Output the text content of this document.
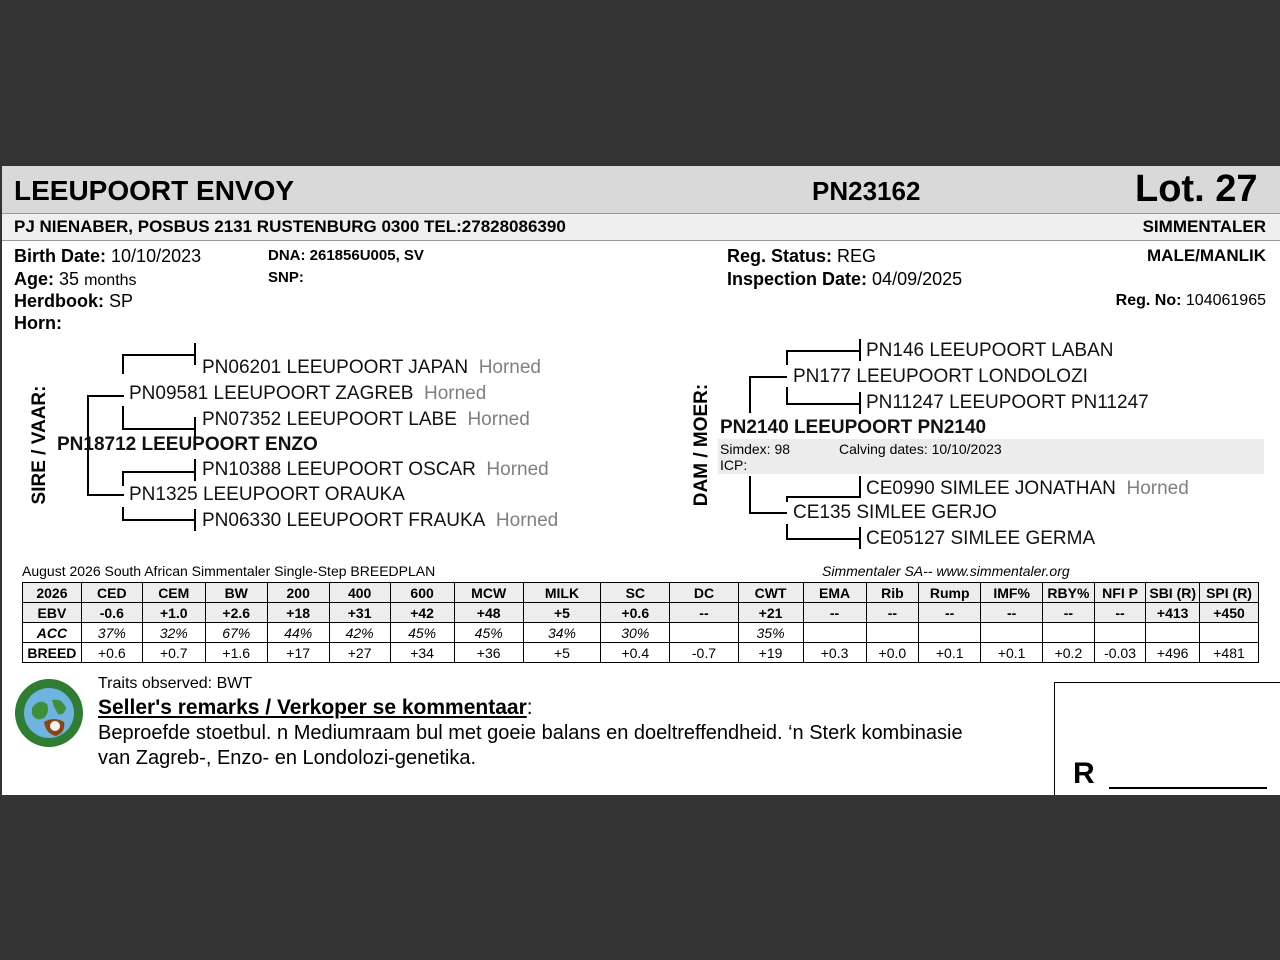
LEEUPOORT ENVOY	PN23162	Lot. 27
PJ NIENABER, POSBUS 2131 RUSTENBURG 0300 TEL:27828086390	SIMMENTALER
Birth Date: 10/10/2023
Age: 35 months
Herdbook: SP
Horn:
DNA: 261856U005, SV
SNP:
Reg. Status: REG
Inspection Date: 04/09/2025
MALE/MANLIK
Reg. No: 104061965
SIRE / VAAR:
PN06201 LEEUPOORT JAPAN Horned
PN09581 LEEUPOORT ZAGREB Horned
PN07352 LEEUPOORT LABE Horned
PN18712 LEEUPOORT ENZO
PN10388 LEEUPOORT OSCAR Horned
PN1325 LEEUPOORT ORAUKA
PN06330 LEEUPOORT FRAUKA Horned
DAM / MOER:
PN146 LEEUPOORT LABAN
PN177 LEEUPOORT LONDOLOZI
PN11247 LEEUPOORT PN11247
PN2140 LEEUPOORT PN2140
Simdex: 98	Calving dates: 10/10/2023
ICP:
CE0990 SIMLEE JONATHAN Horned
CE135 SIMLEE GERJO
CE05127 SIMLEE GERMA
August 2026 South African Simmentaler Single-Step BREEDPLAN	Simmentaler SA-- www.simmentaler.org
2026	CED	CEM	BW	200	400	600	MCW	MILK	SC	DC	CWT	EMA	Rib	Rump	IMF%	RBY%	NFI P	SBI (R)	SPI (R)
EBV	-0.6	+1.0	+2.6	+18	+31	+42	+48	+5	+0.6	--	+21	--	--	--	--	--	--	+413	+450
ACC	37%	32%	67%	44%	42%	45%	45%	34%	30%		35%								
BREED	+0.6	+0.7	+1.6	+17	+27	+34	+36	+5	+0.4	-0.7	+19	+0.3	+0.0	+0.1	+0.1	+0.2	-0.03	+496	+481
Traits observed: BWT
Seller's remarks / Verkoper se kommentaar:
Beproefde stoetbul. n Mediumraam bul met goeie balans en doeltreffendheid. ‘n Sterk kombinasie
van Zagreb-, Enzo- en Londolozi-genetika.	R
